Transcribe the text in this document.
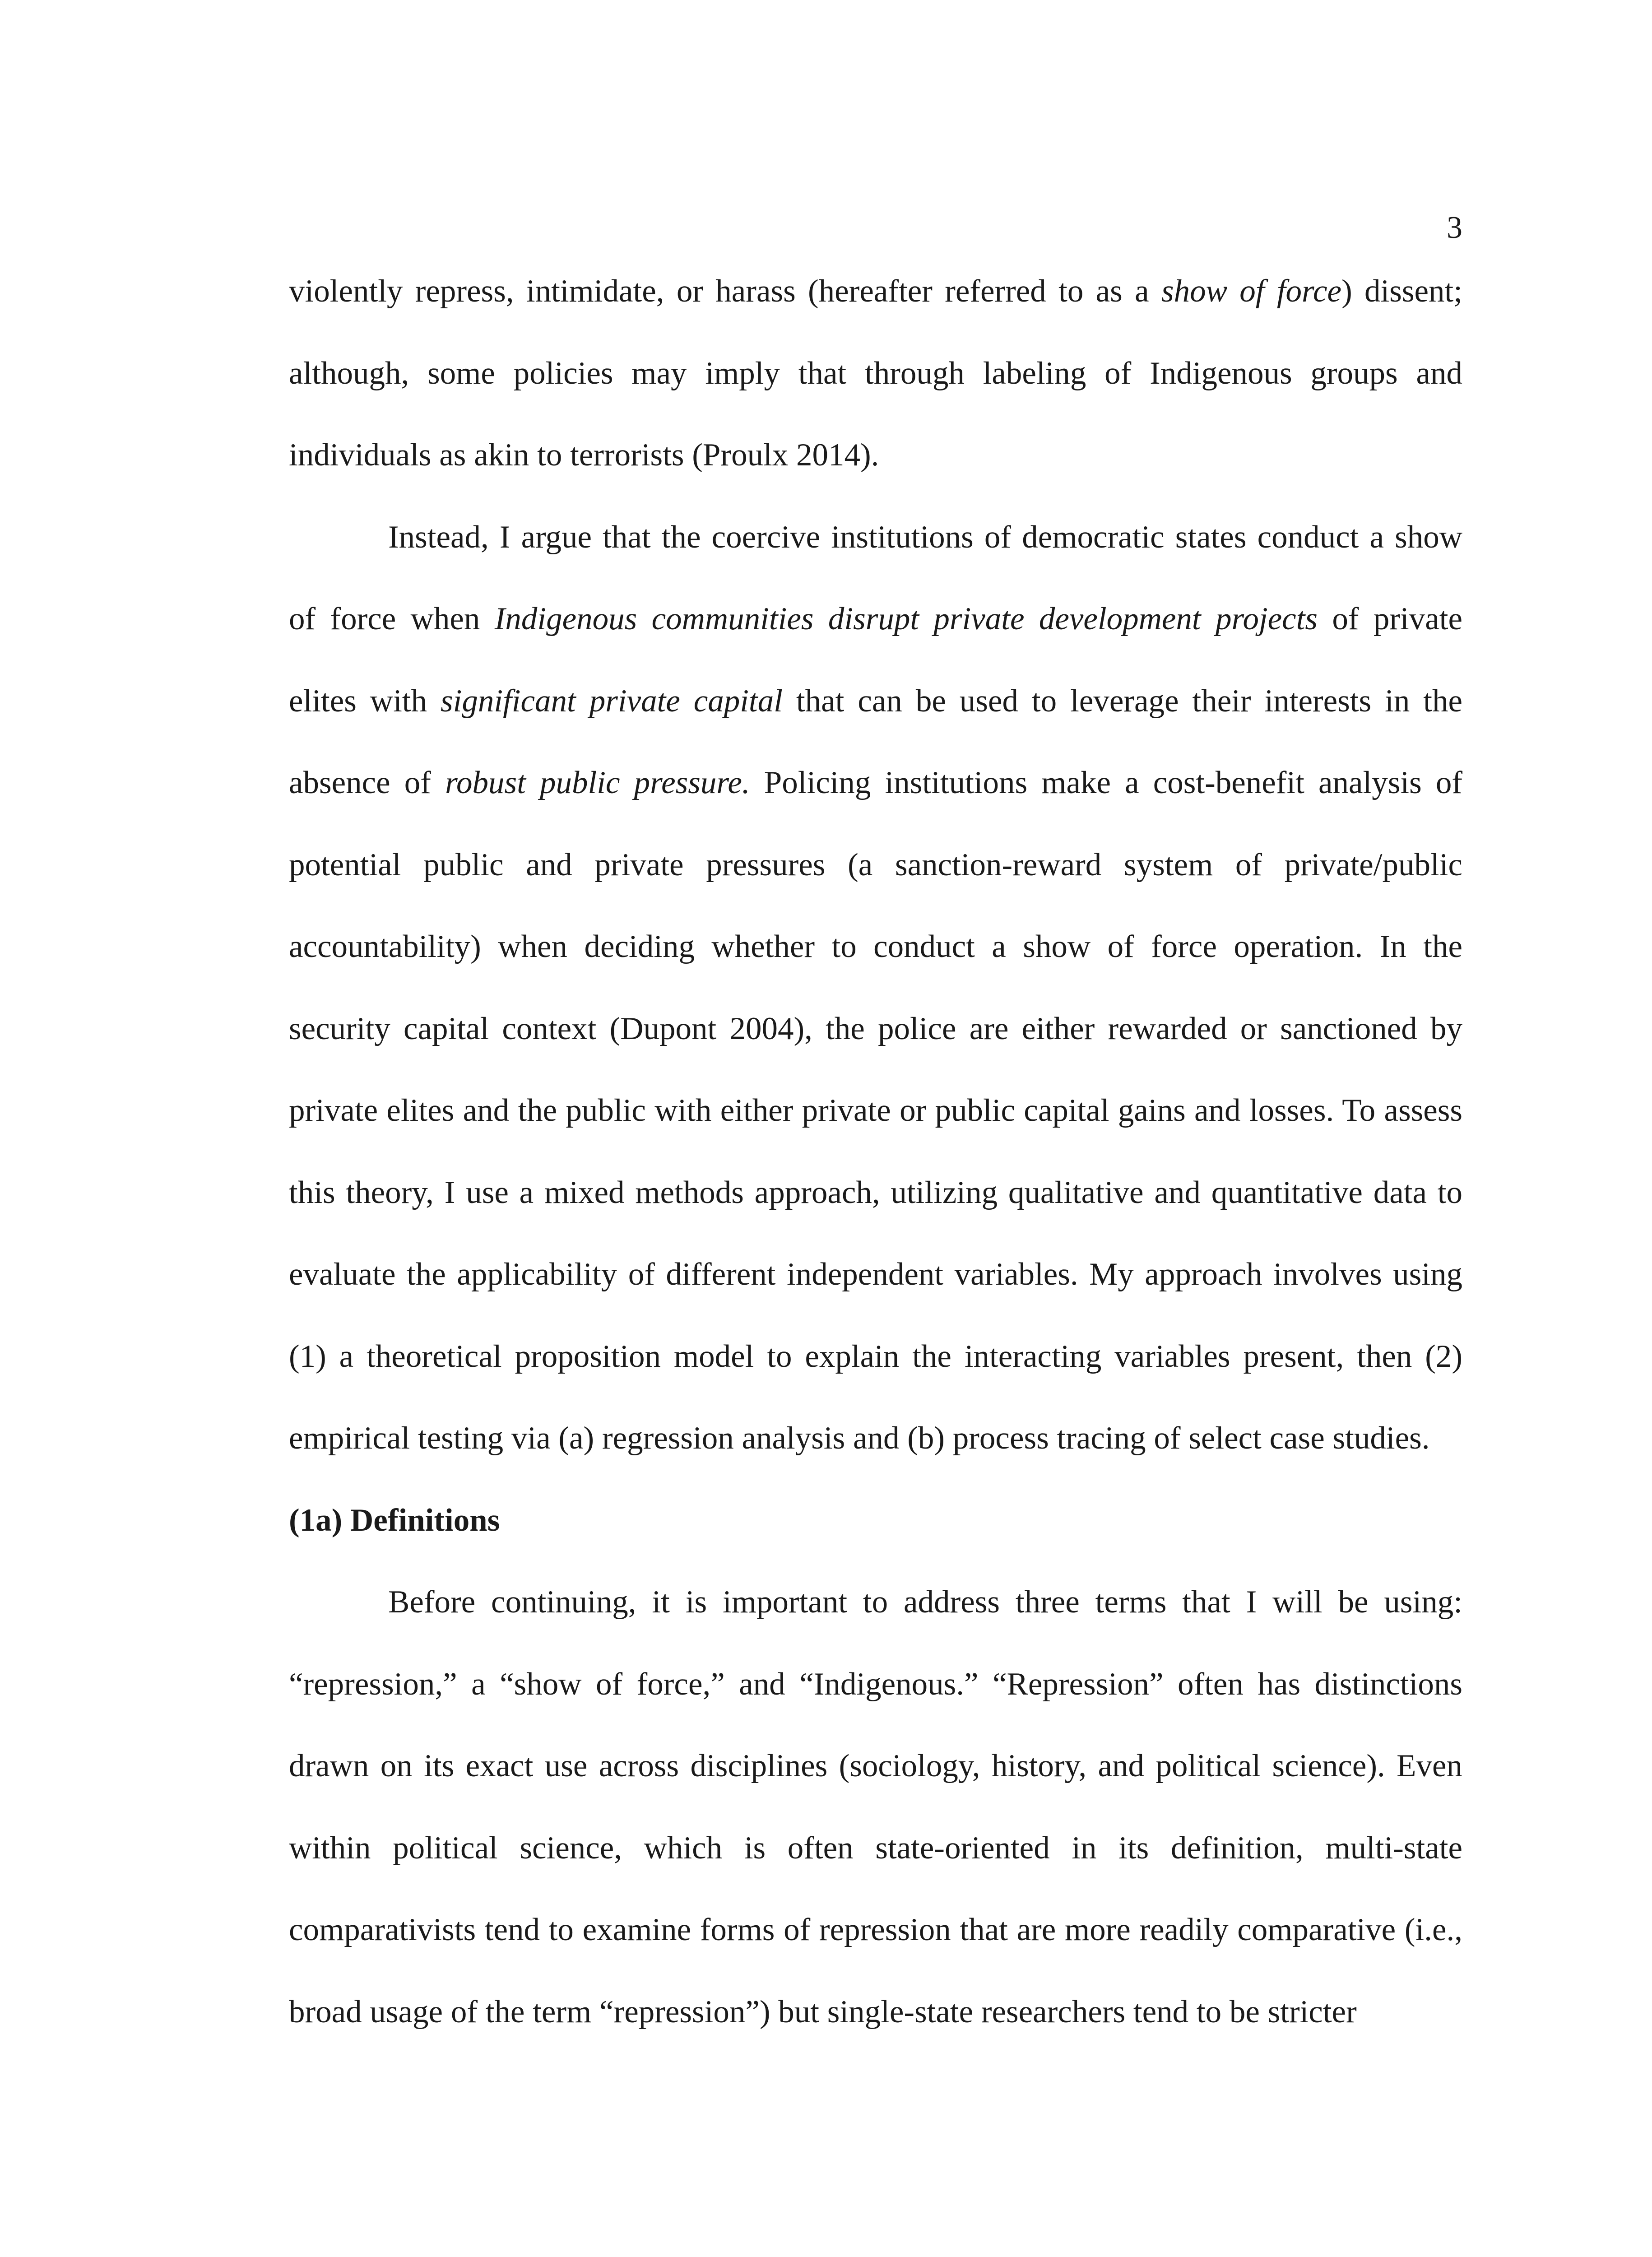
3

violently repress, intimidate, or harass (hereafter referred to as a show of force) dissent; although, some policies may imply that through labeling of Indigenous groups and individuals as akin to terrorists (Proulx 2014).

Instead, I argue that the coercive institutions of democratic states conduct a show of force when Indigenous communities disrupt private development projects of private elites with significant private capital that can be used to leverage their interests in the absence of robust public pressure. Policing institutions make a cost-benefit analysis of potential public and private pressures (a sanction-reward system of private/public accountability) when deciding whether to conduct a show of force operation. In the security capital context (Dupont 2004), the police are either rewarded or sanctioned by private elites and the public with either private or public capital gains and losses. To assess this theory, I use a mixed methods approach, utilizing qualitative and quantitative data to evaluate the applicability of different independent variables. My approach involves using (1) a theoretical proposition model to explain the interacting variables present, then (2) empirical testing via (a) regression analysis and (b) process tracing of select case studies.

(1a) Definitions

Before continuing, it is important to address three terms that I will be using: “repression,” a “show of force,” and “Indigenous.” “Repression” often has distinctions drawn on its exact use across disciplines (sociology, history, and political science). Even within political science, which is often state-oriented in its definition, multi-state comparativists tend to examine forms of repression that are more readily comparative (i.e., broad usage of the term “repression”) but single-state researchers tend to be stricter
